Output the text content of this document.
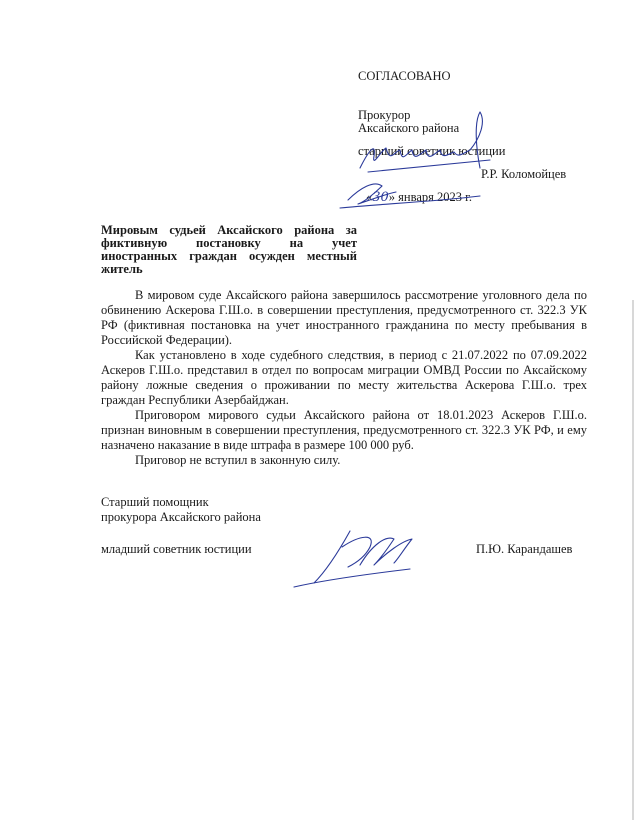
СОГЛАСОВАНО
Прокурор
Аксайского района
старший советник юстиции
Р.Р. Коломойцев
«30» января 2023 г.
Мировым судьей Аксайского района за фиктивную постановку на учет иностранных граждан осужден местный житель

В мировом суде Аксайского района завершилось рассмотрение уголовного дела по обвинению Аскерова Г.Ш.о. в совершении преступления, предусмотренного ст. 322.3 УК РФ (фиктивная постановка на учет иностранного гражданина по месту пребывания в Российской Федерации).

Как установлено в ходе судебного следствия, в период с 21.07.2022 по 07.09.2022 Аскеров Г.Ш.о. представил в отдел по вопросам миграции ОМВД России по Аксайскому району ложные сведения о проживании по месту жительства Аскерова Г.Ш.о. трех граждан Республики Азербайджан.

Приговором мирового судьи Аксайского района от 18.01.2023 Аскеров Г.Ш.о. признан виновным в совершении преступления, предусмотренного ст. 322.3 УК РФ, и ему назначено наказание в виде штрафа в размере 100 000 руб.

Приговор не вступил в законную силу.

Старший помощник
прокурора Аксайского района
младший советник юстиции	П.Ю. Карандашев
